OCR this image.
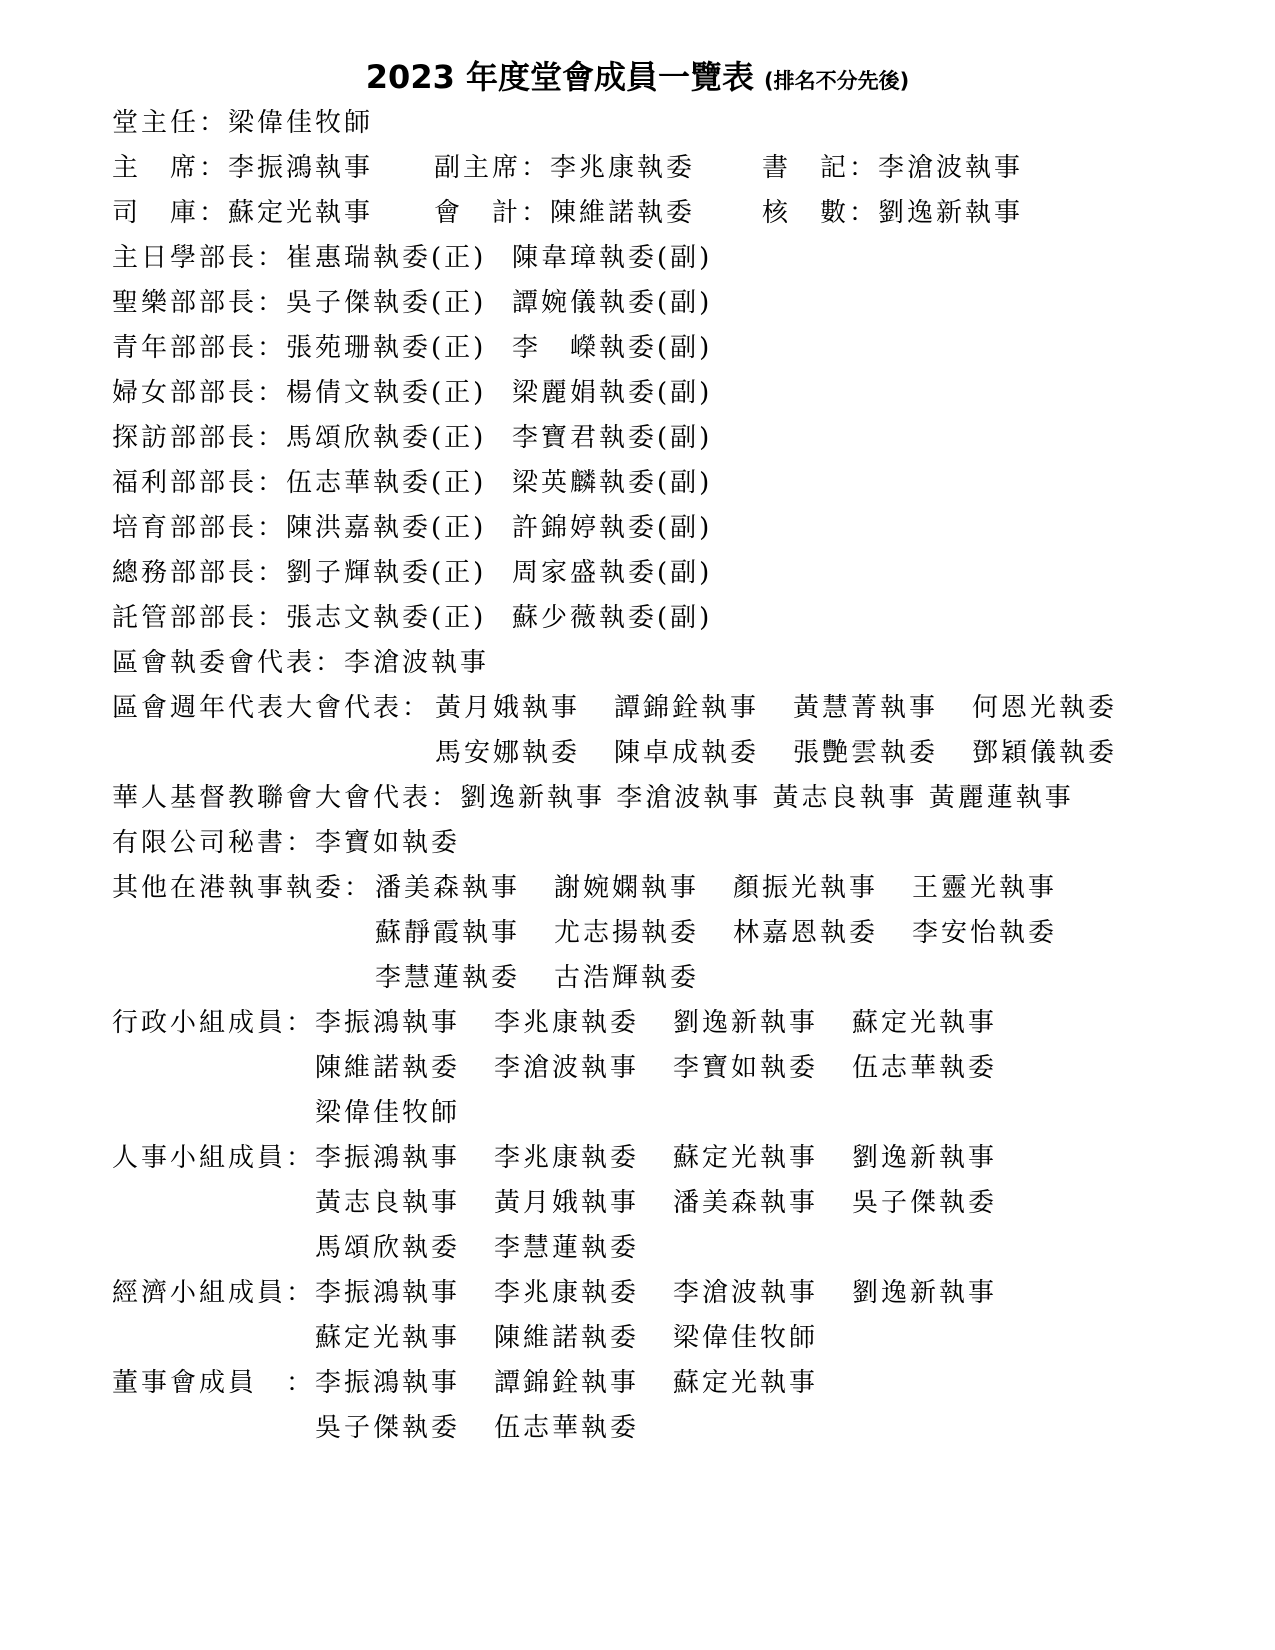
2023 年度堂會成員一覽表 (排名不分先後)
堂主任：梁偉佳牧師
主　席：李振鴻執事 副主席：李兆康執委	書　記：李滄波執事
司　庫：蘇定光執事 會　計：陳維諾執委	核　數：劉逸新執事
主日學部長：崔惠瑞執委(正) 陳韋璋執委(副)
聖樂部部長：吳子傑執委(正) 譚婉儀執委(副)
青年部部長：張苑珊執委(正) 李　嶸執委(副)
婦女部部長：楊倩文執委(正) 梁麗娟執委(副)
探訪部部長：馬頌欣執委(正) 李寶君執委(副)
福利部部長：伍志華執委(正) 梁英麟執委(副)
培育部部長：陳洪嘉執委(正) 許錦婷執委(副)
總務部部長：劉子輝執委(正) 周家盛執委(副)
託管部部長：張志文執委(正) 蘇少薇執委(副)
區會執委會代表：李滄波執事
區會週年代表大會代表： 黃月娥執事 譚錦銓執事 黃慧菁執事 何恩光執委
馬安娜執委 陳卓成執委 張艷雲執委 鄧穎儀執委
華人基督教聯會大會代表：劉逸新執事 李滄波執事 黃志良執事 黃麗蓮執事
有限公司秘書：李寶如執委
其他在港執事執委： 潘美森執事 謝婉嫻執事 顏振光執事 王靈光執事
蘇靜霞執事 尤志揚執委 林嘉恩執委 李安怡執委
李慧蓮執委 古浩輝執委
行政小組成員： 李振鴻執事 李兆康執委 劉逸新執事 蘇定光執事
陳維諾執委 李滄波執事 李寶如執委 伍志華執委
梁偉佳牧師
人事小組成員： 李振鴻執事 李兆康執委 蘇定光執事 劉逸新執事
黃志良執事 黃月娥執事 潘美森執事 吳子傑執委
馬頌欣執委 李慧蓮執委
經濟小組成員： 李振鴻執事 李兆康執委 李滄波執事 劉逸新執事
蘇定光執事 陳維諾執委 梁偉佳牧師
董事會成員　： 李振鴻執事 譚錦銓執事 蘇定光執事
吳子傑執委 伍志華執委
